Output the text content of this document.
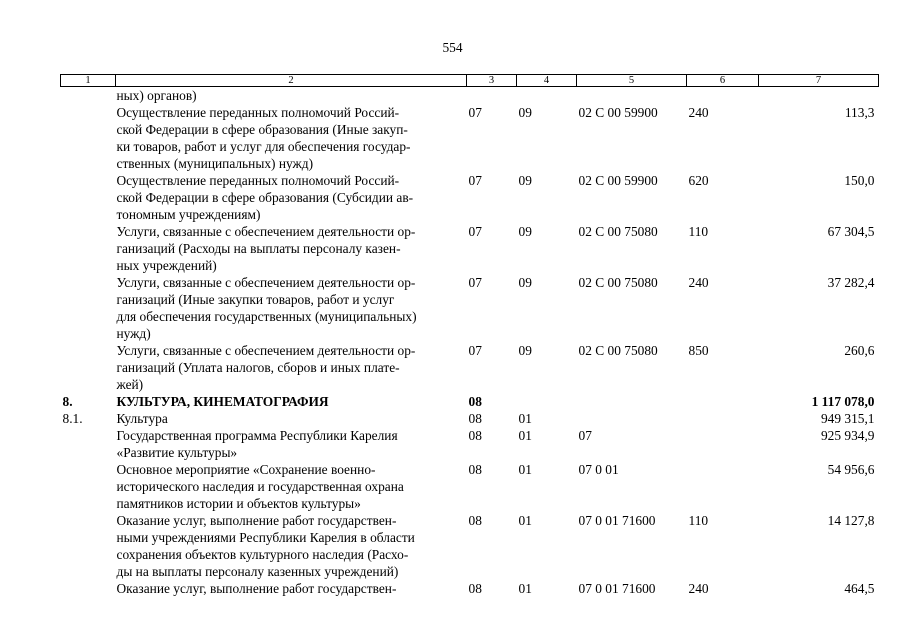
554
1	2	3	4	5	6	7

	ных) органов)					

	Осуществление переданных полномочий Россий-
ской Федерации в сфере образования (Иные закуп-
ки товаров, работ и услуг для обеспечения государ-
ственных (муниципальных) нужд)	07	09	02 С 00 59900	240	113,3

	Осуществление переданных полномочий Россий-
ской Федерации в сфере образования (Субсидии ав-
тономным учреждениям)	07	09	02 С 00 59900	620	150,0

	Услуги, связанные с обеспечением деятельности ор-
ганизаций (Расходы на выплаты персоналу казен-
ных учреждений)	07	09	02 С 00 75080	110	67 304,5

	Услуги, связанные с обеспечением деятельности ор-
ганизаций (Иные закупки товаров, работ и услуг
для обеспечения государственных (муниципальных)
нужд)	07	09	02 С 00 75080	240	37 282,4

	Услуги, связанные с обеспечением деятельности ор-
ганизаций (Уплата налогов, сборов и иных плате-
жей)	07	09	02 С 00 75080	850	260,6
8.	КУЛЬТУРА, КИНЕМАТОГРАФИЯ	08				1 117 078,0
8.1.	Культура	08	01			949 315,1

	Государственная программа Республики Карелия
«Развитие культуры»	08	01	07		925 934,9

	Основное мероприятие «Сохранение военно-
исторического наследия и государственная охрана
памятников истории и объектов культуры»	08	01	07 0 01		54 956,6

	Оказание услуг, выполнение работ государствен-
ными учреждениями Республики Карелия в области
сохранения объектов культурного наследия (Расхо-
ды на выплаты персоналу казенных учреждений)	08	01	07 0 01 71600	110	14 127,8

	Оказание услуг, выполнение работ государствен-	08	01	07 0 01 71600	240	464,5
